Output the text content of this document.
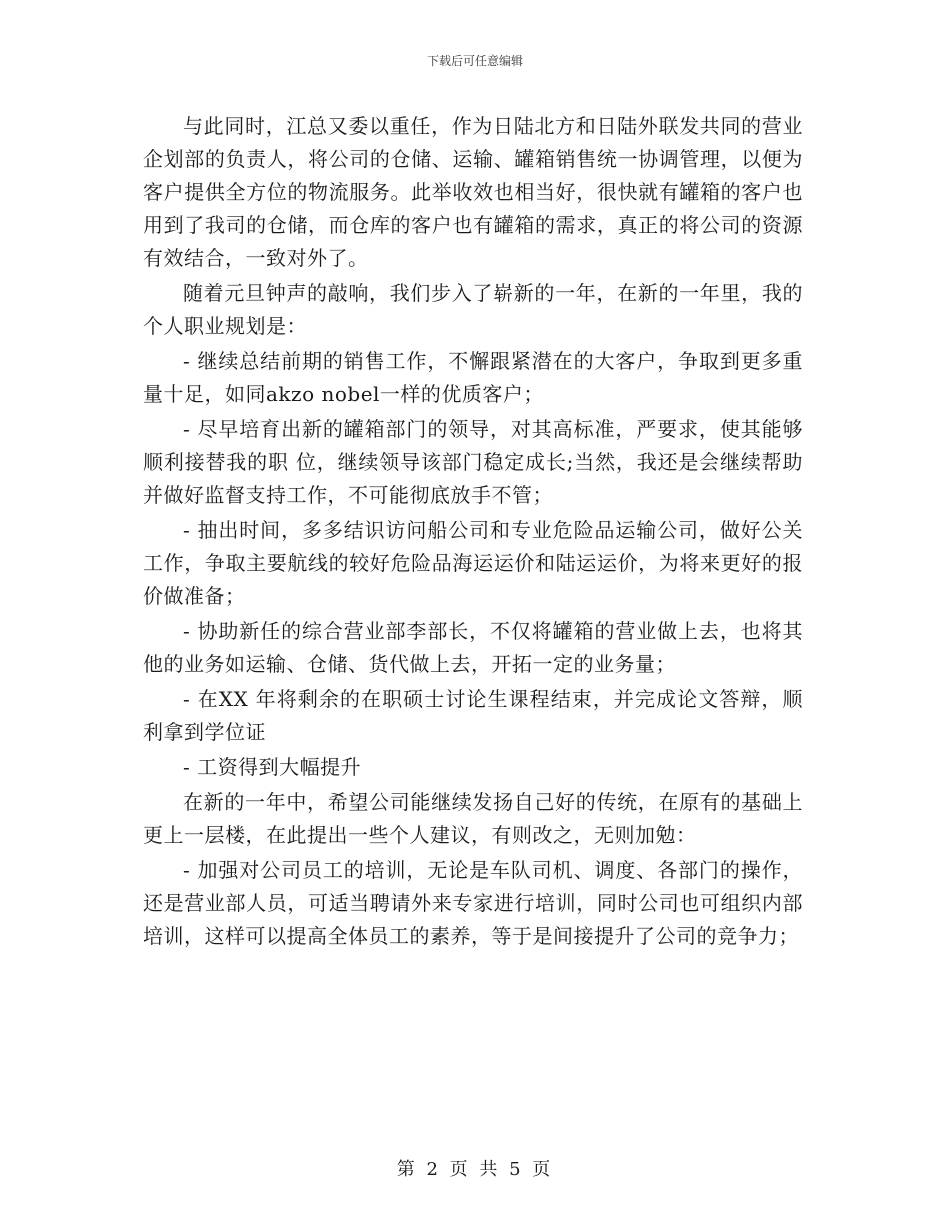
下载后可任意编辑

与此同时，江总又委以重任，作为日陆北方和日陆外联发共同的营业企划部的负责人，将公司的仓储、运输、罐箱销售统一协调管理，以便为客户提供全方位的物流服务。此举收效也相当好，很快就有罐箱的客户也用到了我司的仓储，而仓库的客户也有罐箱的需求，真正的将公司的资源有效结合，一致对外了。

随着元旦钟声的敲响，我们步入了崭新的一年，在新的一年里，我的个人职业规划是：

- 继续总结前期的销售工作，不懈跟紧潜在的大客户，争取到更多重量十足，如同akzo nobel一样的优质客户；

- 尽早培育出新的罐箱部门的领导，对其高标准，严要求，使其能够顺利接替我的职 位，继续领导该部门稳定成长;当然，我还是会继续帮助并做好监督支持工作，不可能彻底放手不管；

- 抽出时间，多多结识访问船公司和专业危险品运输公司，做好公关工作，争取主要航线的较好危险品海运运价和陆运运价，为将来更好的报价做准备；

- 协助新任的综合营业部李部长，不仅将罐箱的营业做上去，也将其他的业务如运输、仓储、货代做上去，开拓一定的业务量；

- 在XX 年将剩余的在职硕士讨论生课程结束，并完成论文答辩，顺利拿到学位证

- 工资得到大幅提升

在新的一年中，希望公司能继续发扬自己好的传统，在原有的基础上更上一层楼，在此提出一些个人建议，有则改之，无则加勉：

- 加强对公司员工的培训，无论是车队司机、调度、各部门的操作，还是营业部人员，可适当聘请外来专家进行培训，同时公司也可组织内部培训，这样可以提高全体员工的素养，等于是间接提升了公司的竞争力；

第 2 页 共 5 页
